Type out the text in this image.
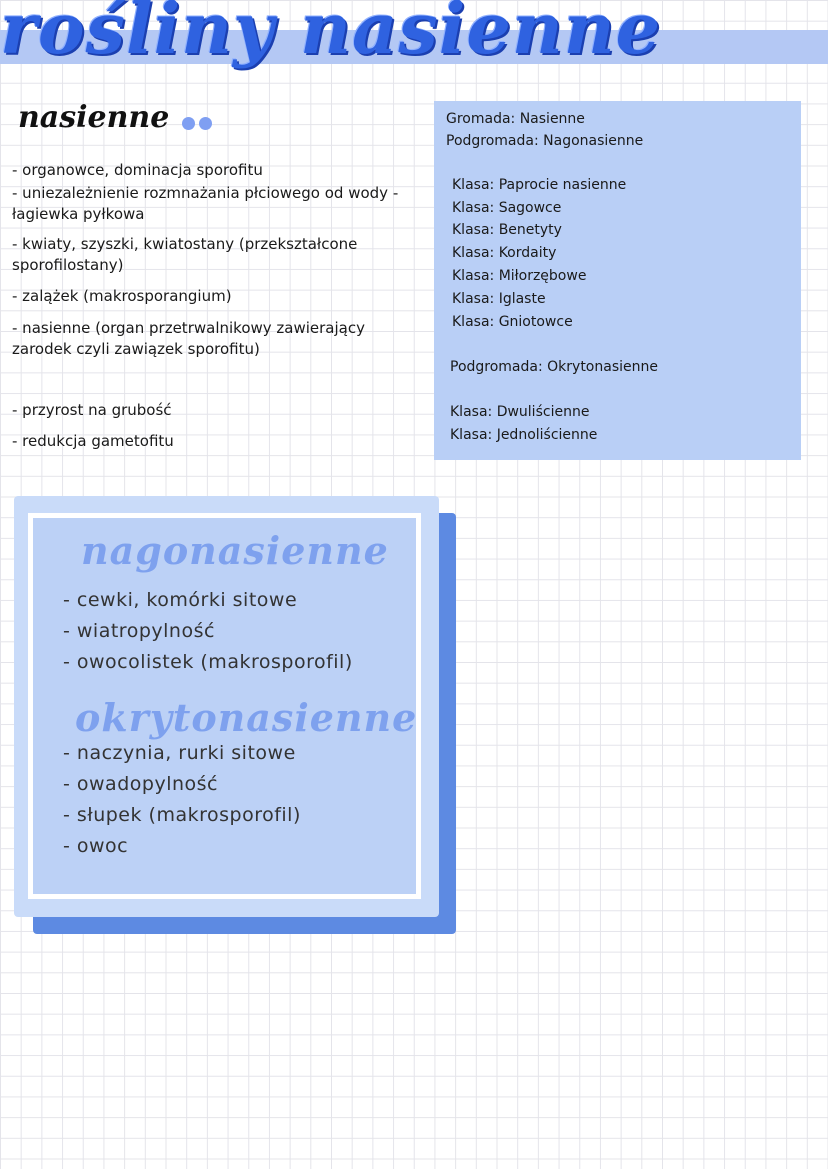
rośliny nasienne
nasienne
- organowce, dominacja sporofitu
- uniezależnienie rozmnażania płciowego od wody - łagiewka pyłkowa
- kwiaty, szyszki, kwiatostany (przekształcone sporofilostany)
- zalążek (makrosporangium)
- nasienne (organ przetrwalnikowy zawierający zarodek czyli zawiązek sporofitu)
- przyrost na grubość
- redukcja gametofitu
Gromada: Nasienne
Podgromada: Nagonasienne
Klasa: Paprocie nasienne
Klasa: Sagowce
Klasa: Benetyty
Klasa: Kordaity
Klasa: Miłorzębowe
Klasa: Iglaste
Klasa: Gniotowce
Podgromada: Okrytonasienne
Klasa: Dwuliścienne
Klasa: Jednoliścienne
nagonasienne
- cewki, komórki sitowe
- wiatropylność
- owocolistek (makrosporofil)
okrytonasienne
- naczynia, rurki sitowe
- owadopylność
- słupek (makrosporofil)
- owoc
